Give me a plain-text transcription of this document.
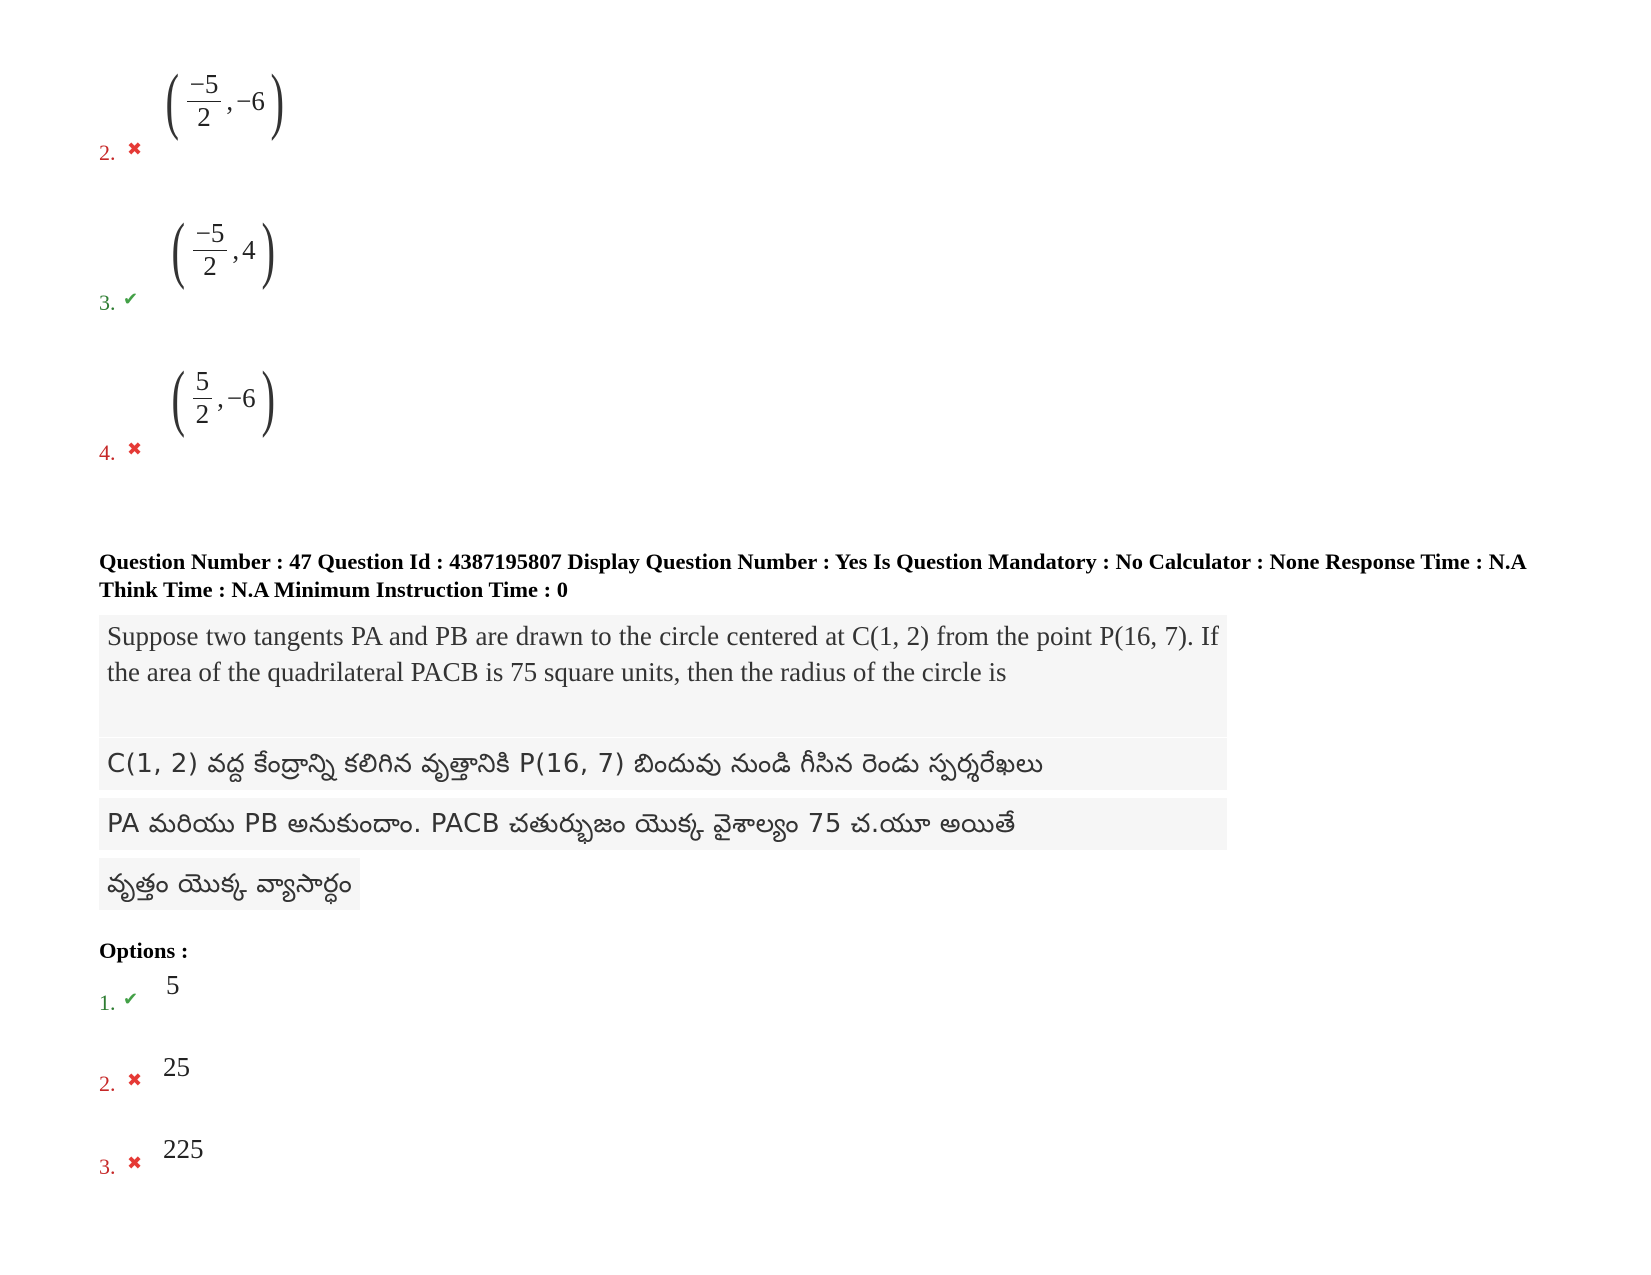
2. ✖
( $\frac{-5}{2}$ , −6 )
3. ✔
( $\frac{-5}{2}$ , 4 )
4. ✖
( $\frac{5}{2}$ , −6 )
Question Number : 47 Question Id : 4387195807 Display Question Number : Yes Is Question Mandatory : No Calculator : None Response Time : N.A Think Time : N.A Minimum Instruction Time : 0
Suppose two tangents PA and PB are drawn to the circle centered at C(1, 2) from the point P(16, 7). If the area of the quadrilateral PACB is 75 square units, then the radius of the circle is
C(1, 2) వద్ద కేంద్రాన్ని కలిగిన వృత్తానికి P(16, 7) బిందువు నుండి గీసిన రెండు స్పర్శరేఖలు
PA మరియు PB అనుకుందాం. PACB చతుర్భుజం యొక్క వైశాల్యం 75 చ.యూ అయితే
వృత్తం యొక్క వ్యాసార్ధం
Options :
1. ✔ 5
2. ✖ 25
3. ✖ 225
